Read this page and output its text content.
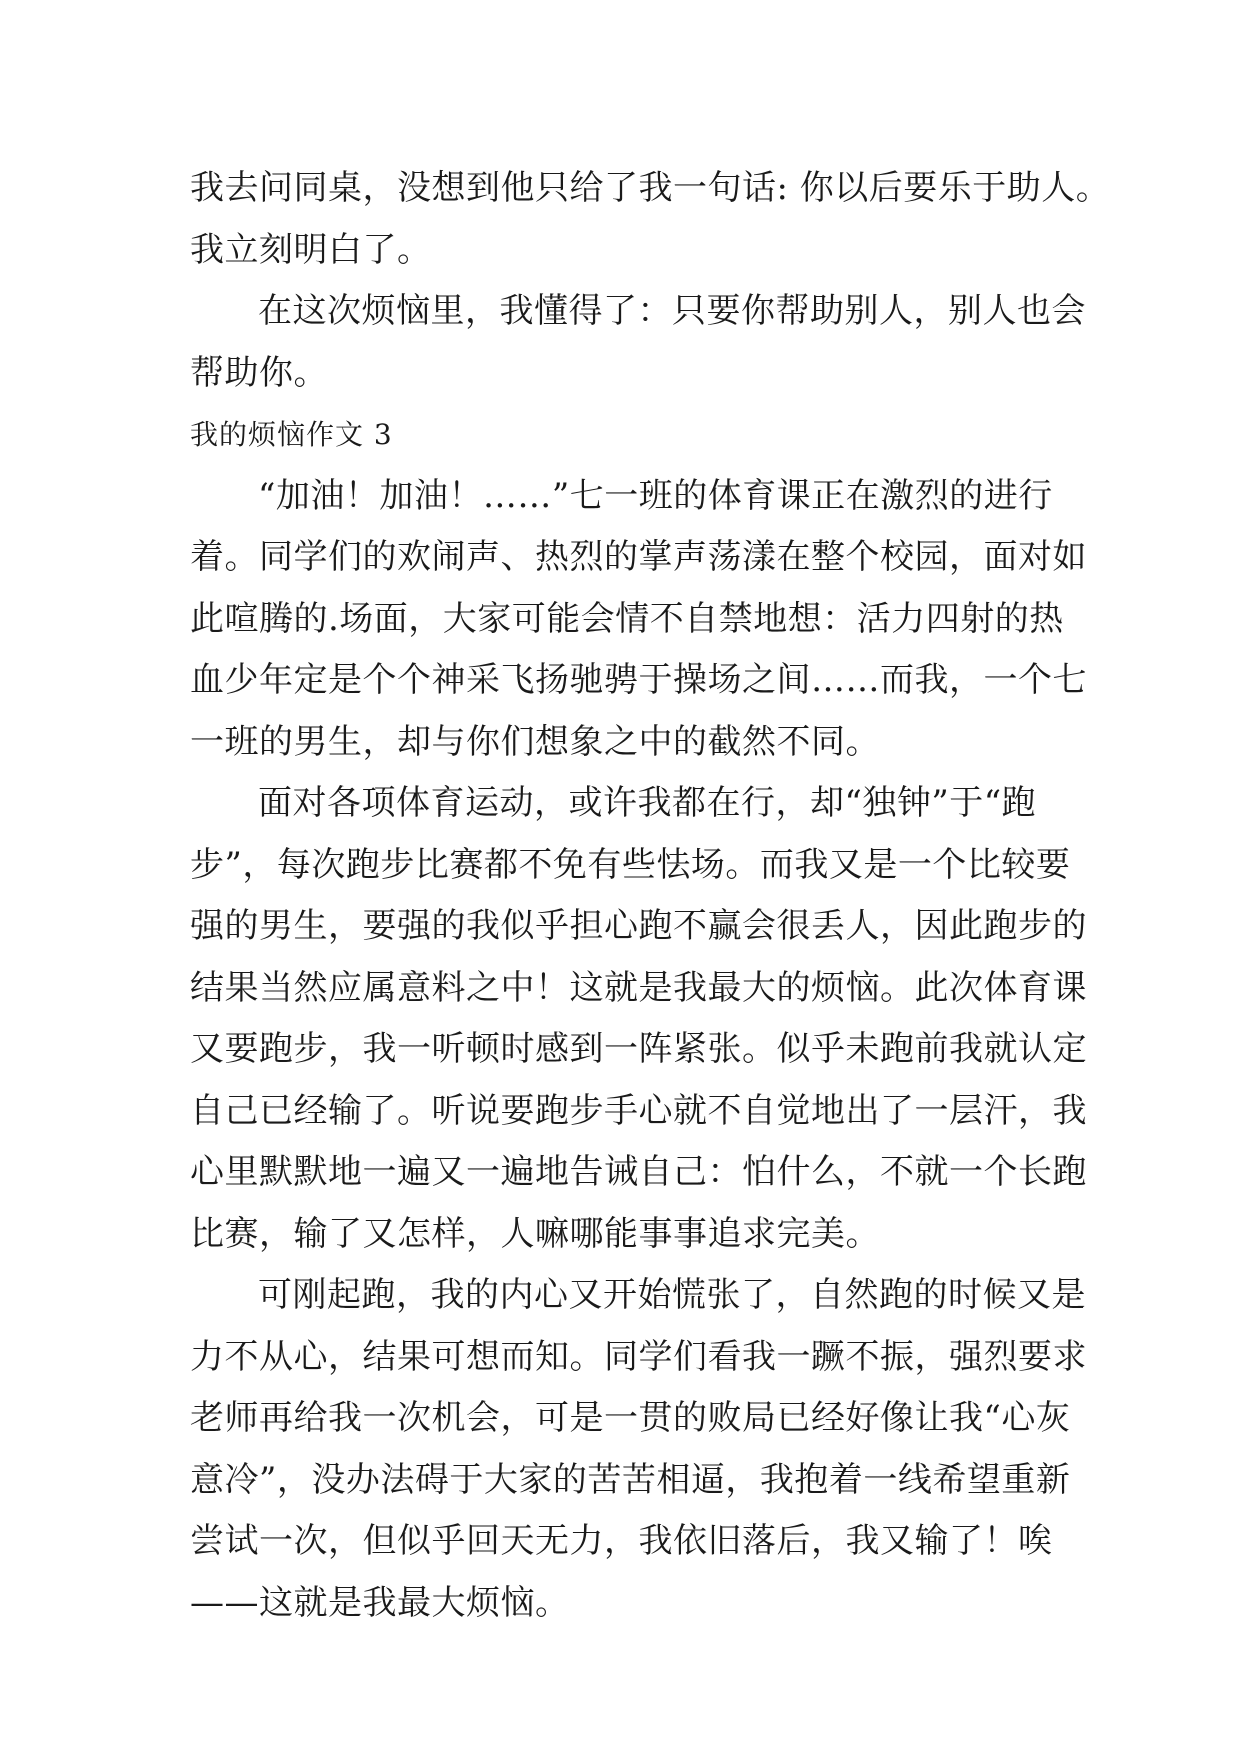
我去问同桌，没想到他只给了我一句话: 你以后要乐于助人。
我立刻明白了。
在这次烦恼里，我懂得了：只要你帮助别人，别人也会
帮助你。
我的烦恼作文 3
“加油！加油！……”七一班的体育课正在激烈的进行
着。同学们的欢闹声、热烈的掌声荡漾在整个校园，面对如
此喧腾的.场面，大家可能会情不自禁地想：活力四射的热
血少年定是个个神采飞扬驰骋于操场之间……而我，一个七
一班的男生，却与你们想象之中的截然不同。
面对各项体育运动，或许我都在行，却“独钟”于“跑
步”，每次跑步比赛都不免有些怯场。而我又是一个比较要
强的男生，要强的我似乎担心跑不赢会很丢人，因此跑步的
结果当然应属意料之中！这就是我最大的烦恼。此次体育课
又要跑步，我一听顿时感到一阵紧张。似乎未跑前我就认定
自己已经输了。听说要跑步手心就不自觉地出了一层汗，我
心里默默地一遍又一遍地告诫自己：怕什么，不就一个长跑
比赛，输了又怎样，人嘛哪能事事追求完美。
可刚起跑，我的内心又开始慌张了，自然跑的时候又是
力不从心，结果可想而知。同学们看我一蹶不振，强烈要求
老师再给我一次机会，可是一贯的败局已经好像让我“心灰
意冷”，没办法碍于大家的苦苦相逼，我抱着一线希望重新
尝试一次，但似乎回天无力，我依旧落后，我又输了！唉
——这就是我最大烦恼。
